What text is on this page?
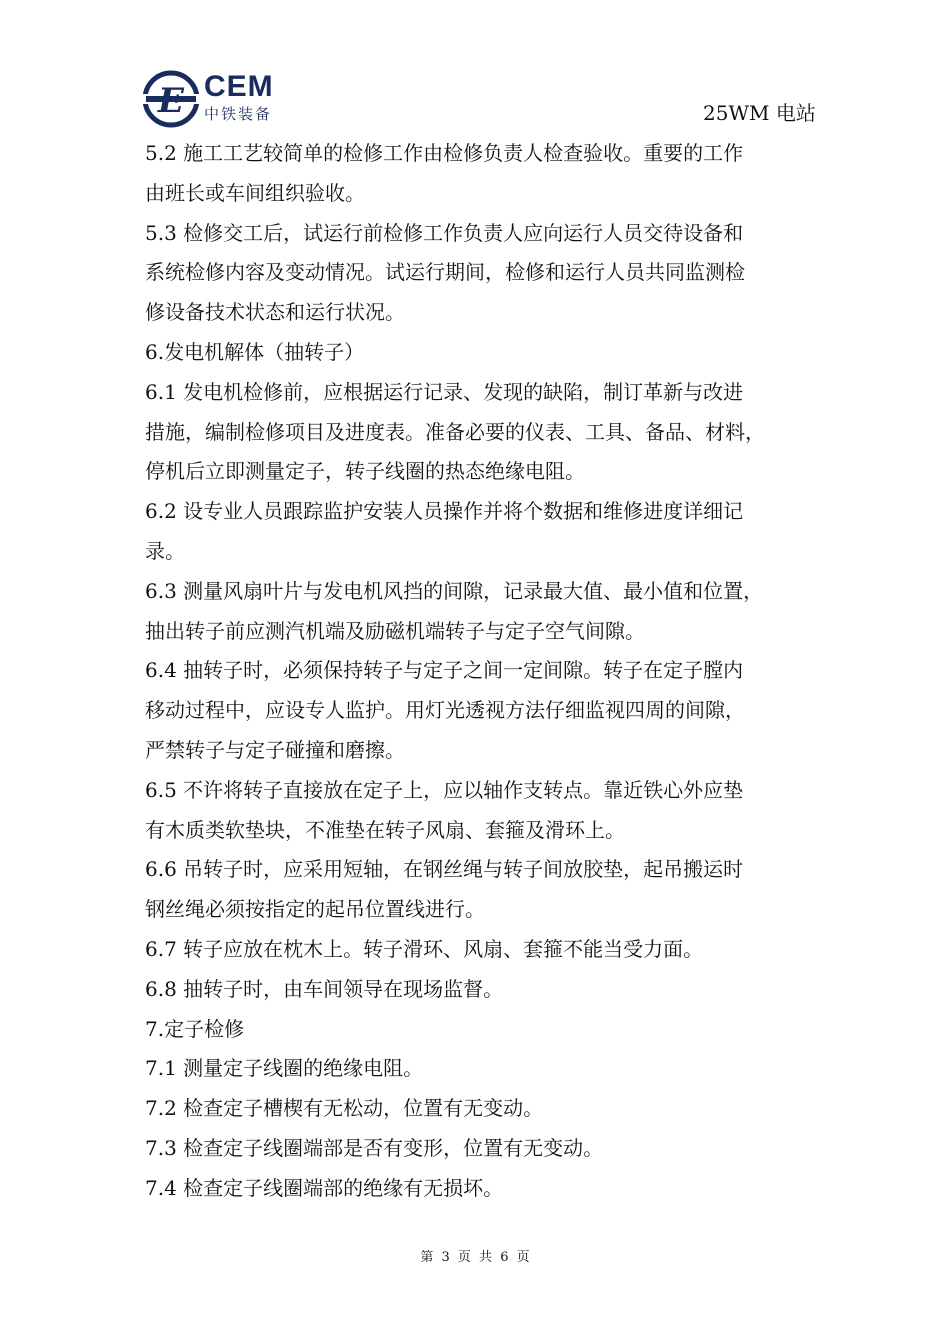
E CEM
中铁装备	25WM 电站
5.2 施工工艺较简单的检修工作由检修负责人检查验收。重要的工作
由班长或车间组织验收。
5.3 检修交工后，试运行前检修工作负责人应向运行人员交待设备和
系统检修内容及变动情况。试运行期间，检修和运行人员共同监测检
修设备技术状态和运行状况。
6.发电机解体（抽转子）
6.1 发电机检修前，应根据运行记录、发现的缺陷，制订革新与改进
措施，编制检修项目及进度表。准备必要的仪表、工具、备品、材料，
停机后立即测量定子，转子线圈的热态绝缘电阻。
6.2 设专业人员跟踪监护安装人员操作并将个数据和维修进度详细记
录。
6.3 测量风扇叶片与发电机风挡的间隙，记录最大值、最小值和位置，
抽出转子前应测汽机端及励磁机端转子与定子空气间隙。
6.4 抽转子时，必须保持转子与定子之间一定间隙。转子在定子膛内
移动过程中，应设专人监护。用灯光透视方法仔细监视四周的间隙，
严禁转子与定子碰撞和磨擦。
6.5 不许将转子直接放在定子上，应以轴作支转点。靠近铁心外应垫
有木质类软垫块，不准垫在转子风扇、套箍及滑环上。
6.6 吊转子时，应采用短轴，在钢丝绳与转子间放胶垫，起吊搬运时
钢丝绳必须按指定的起吊位置线进行。
6.7 转子应放在枕木上。转子滑环、风扇、套箍不能当受力面。
6.8 抽转子时，由车间领导在现场监督。
7.定子检修
7.1 测量定子线圈的绝缘电阻。
7.2 检查定子槽楔有无松动，位置有无变动。
7.3 检查定子线圈端部是否有变形，位置有无变动。
7.4 检查定子线圈端部的绝缘有无损坏。
第 3 页 共 6 页
